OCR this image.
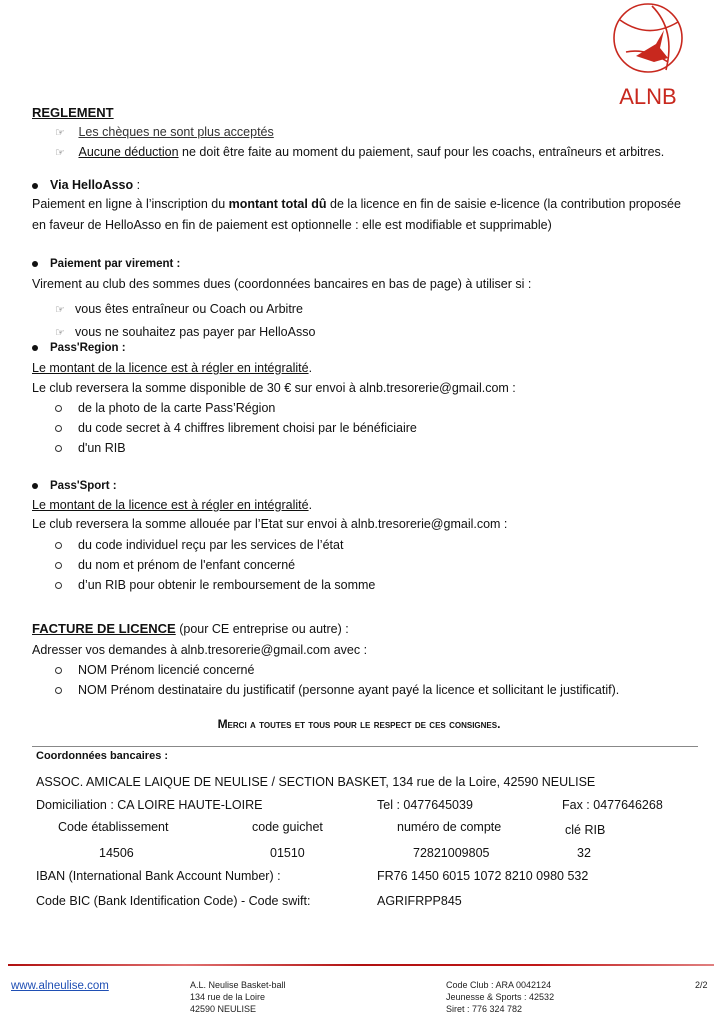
ALNB
REGLEMENT
☞ Les chèques ne sont plus acceptés
☞ Aucune déduction ne doit être faite au moment du paiement, sauf pour les coachs, entraîneurs et arbitres.
Via HelloAsso :
Paiement en ligne à l’inscription du montant total dû de la licence en fin de saisie e-licence (la contribution proposée
en faveur de HelloAsso en fin de paiement est optionnelle : elle est modifiable et supprimable)
Paiement par virement :
Virement au club des sommes dues (coordonnées bancaires en bas de page) à utiliser si :
☞ vous êtes entraîneur ou Coach ou Arbitre
☞ vous ne souhaitez pas payer par HelloAsso
Pass'Region :
Le montant de la licence est à régler en intégralité.
Le club reversera la somme disponible de 30 € sur envoi à alnb.tresorerie@gmail.com :
de la photo de la carte Pass’Région
du code secret à 4 chiffres librement choisi par le bénéficiaire
d'un RIB
Pass'Sport :
Le montant de la licence est à régler en intégralité.
Le club reversera la somme allouée par l’Etat sur envoi à alnb.tresorerie@gmail.com :
du code individuel reçu par les services de l’état
du nom et prénom de l'enfant concerné
d’un RIB pour obtenir le remboursement de la somme
FACTURE DE LICENCE (pour CE entreprise ou autre) :
Adresser vos demandes à alnb.tresorerie@gmail.com avec :
NOM Prénom licencié concerné
NOM Prénom destinataire du justificatif (personne ayant payé la licence et sollicitant le justificatif).
Merci a toutes et tous pour le respect de ces consignes.
Coordonnées bancaires :
ASSOC. AMICALE LAIQUE DE NEULISE / SECTION BASKET, 134 rue de la Loire, 42590 NEULISE
Domiciliation : CA LOIRE HAUTE-LOIRE	Tel : 0477645039	Fax : 0477646268
Code établissement	code guichet	numéro de compte	clé RIB
14506	01510	72821009805	32
IBAN (International Bank Account Number) :	FR76 1450 6015 1072 8210 0980 532
Code BIC (Bank Identification Code) - Code swift:	AGRIFRPP845
www.alneulise.com	A.L. Neulise Basket-ball
134 rue de la Loire
42590 NEULISE
Code Club : ARA 0042124
Jeunesse & Sports : 42532
Siret : 776 324 782
2/2
